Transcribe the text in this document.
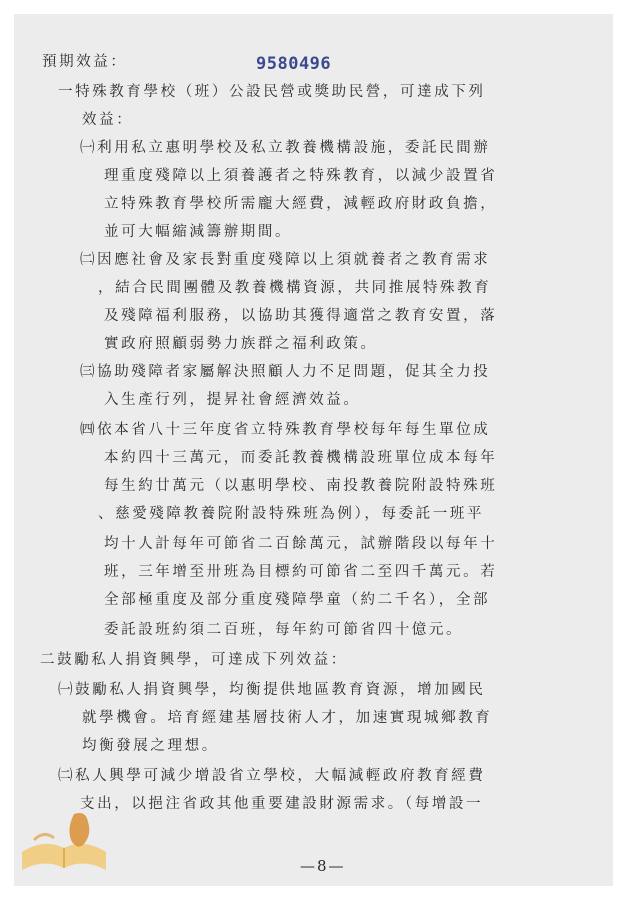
9580496
預期效益：
一特殊教育學校（班）公設民營或獎助民營，可達成下列
效益：
㈠利用私立惠明學校及私立教養機構設施，委託民間辦
理重度殘障以上須養護者之特殊教育，以減少設置省
立特殊教育學校所需龐大經費，減輕政府財政負擔，
並可大幅縮減籌辦期間。
㈡因應社會及家長對重度殘障以上須就養者之教育需求
，結合民間團體及教養機構資源，共同推展特殊教育
及殘障福利服務，以協助其獲得適當之教育安置，落
實政府照顧弱勢力族群之福利政策。
㈢協助殘障者家屬解決照顧人力不足問題，促其全力投
入生產行列，提昇社會經濟效益。
㈣依本省八十三年度省立特殊教育學校每年每生單位成
本約四十三萬元，而委託教養機構設班單位成本每年
每生約廿萬元（以惠明學校、南投教養院附設特殊班
、慈愛殘障教養院附設特殊班為例），每委託一班平
均十人計每年可節省二百餘萬元，試辦階段以每年十
班，三年增至卅班為目標約可節省二至四千萬元。若
全部極重度及部分重度殘障學童（約二千名），全部
委託設班約須二百班，每年約可節省四十億元。
二鼓勵私人捐資興學，可達成下列效益：
㈠鼓勵私人捐資興學，均衡提供地區教育資源，增加國民
就學機會。培育經建基層技術人才，加速實現城鄉教育
均衡發展之理想。
㈡私人興學可減少增設省立學校，大幅減輕政府教育經費
支出，以挹注省政其他重要建設財源需求。（每增設一
—8—
